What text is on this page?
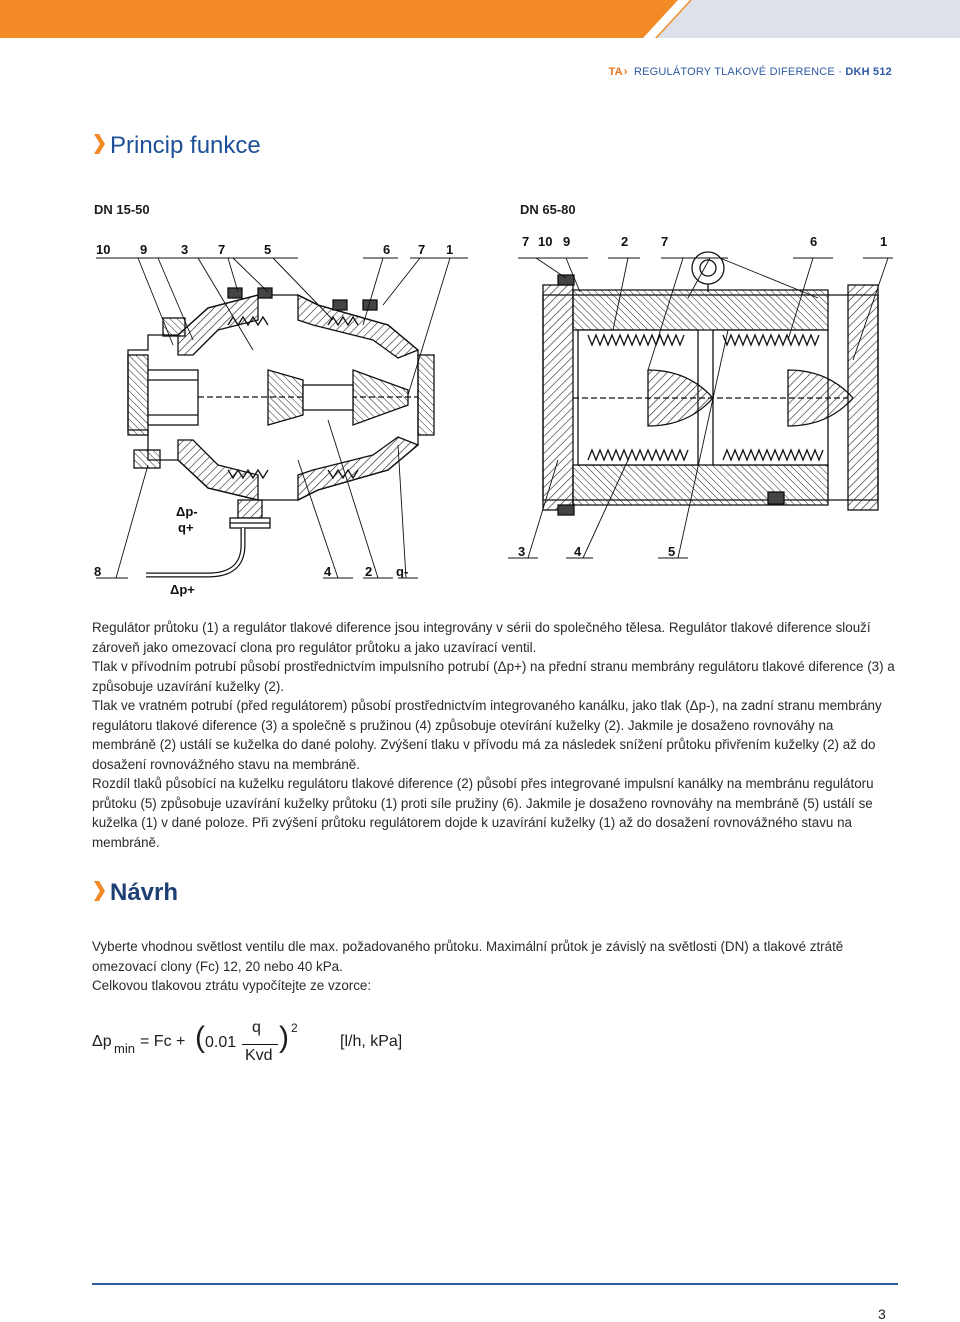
TA› REGULÁTORY TLAKOVÉ DIFERENCE · DKH 512
Princip funkce
DN 15-50	DN 65-80
10 9	3 7	5	6 7 1
7 10 9	2	7	6	1
8	4	2
3	4	5
Δp-
q+
Δp+
q-

Regulátor průtoku (1) a regulátor tlakové diference jsou integrovány v sérii do společného tělesa. Regulátor tlakové diference slouží zároveň jako omezovací clona pro regulátor průtoku a jako uzavírací ventil.

Tlak v přívodním potrubí působí prostřednictvím impulsního potrubí (Δp+) na přední stranu membrány regulátoru tlakové diference (3) a způsobuje uzavírání kuželky (2).

Tlak ve vratném potrubí (před regulátorem) působí prostřednictvím integrovaného kanálku, jako tlak (Δp-), na zadní stranu membrány regulátoru tlakové diference (3) a společně s pružinou (4) způsobuje otevírání kuželky (2). Jakmile je dosaženo rovnováhy na membráně (2) ustálí se kuželka do dané polohy. Zvýšení tlaku v přívodu má za následek snížení průtoku přivřením kuželky (2) až do dosažení rovnovážného stavu na membráně.

Rozdíl tlaků působící na kuželku regulátoru tlakové diference (2) působí přes integrované impulsní kanálky na membránu regulátoru průtoku (5) způsobuje uzavírání kuželky průtoku (1) proti síle pružiny (6). Jakmile je dosaženo rovnováhy na membráně (5) ustálí se kuželka (1) v dané poloze. Při zvýšení průtoku regulátorem dojde k uzavírání kuželky (1) až do dosažení rovnovážného stavu na membráně.

Návrh

Vyberte vhodnou světlost ventilu dle max. požadovaného průtoku. Maximální průtok je závislý na světlosti (DN) a tlakové ztrátě omezovací clony (Fc) 12, 20 nebo 40 kPa.

Celkovou tlakovou ztrátu vypočítejte ze vzorce:

Δp min = Fc + ( 0.01
q
Kvd
) 2
[l/h, kPa]
3
